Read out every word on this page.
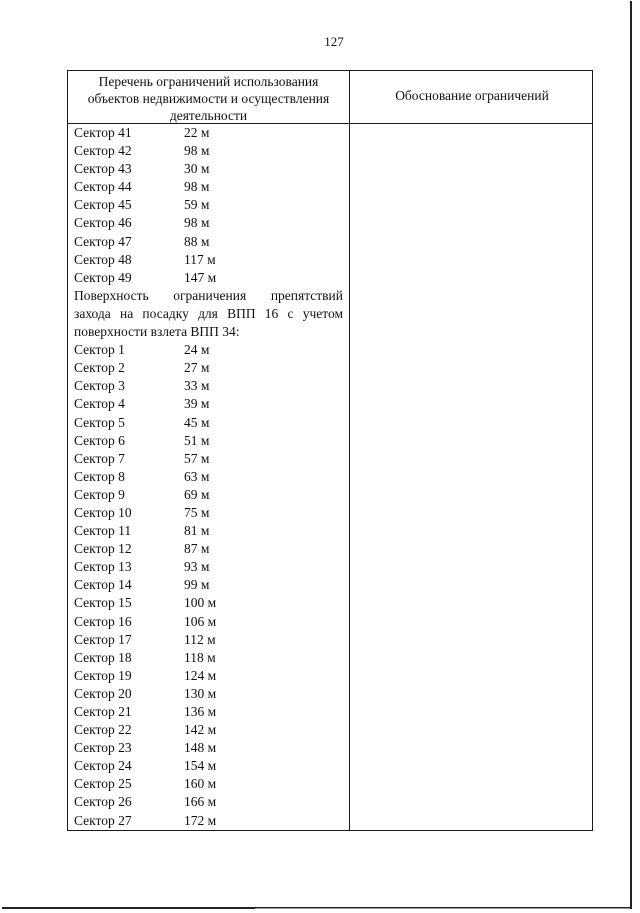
127
Перечень ограничений использования
объектов недвижимости и осуществления
деятельности
Обоснование ограничений
Сектор 41	22 м
Сектор 42	98 м
Сектор 43	30 м
Сектор 44	98 м
Сектор 45	59 м
Сектор 46	98 м
Сектор 47	88 м
Сектор 48	117 м
Сектор 49	147 м
Поверхность ограничения препятствий
захода на посадку для ВПП 16 с учетом
поверхности взлета ВПП 34:
Сектор 1	24 м
Сектор 2	27 м
Сектор 3	33 м
Сектор 4	39 м
Сектор 5	45 м
Сектор 6	51 м
Сектор 7	57 м
Сектор 8	63 м
Сектор 9	69 м
Сектор 10	75 м
Сектор 11	81 м
Сектор 12	87 м
Сектор 13	93 м
Сектор 14	99 м
Сектор 15	100 м
Сектор 16	106 м
Сектор 17	112 м
Сектор 18	118 м
Сектор 19	124 м
Сектор 20	130 м
Сектор 21	136 м
Сектор 22	142 м
Сектор 23	148 м
Сектор 24	154 м
Сектор 25	160 м
Сектор 26	166 м
Сектор 27	172 м
